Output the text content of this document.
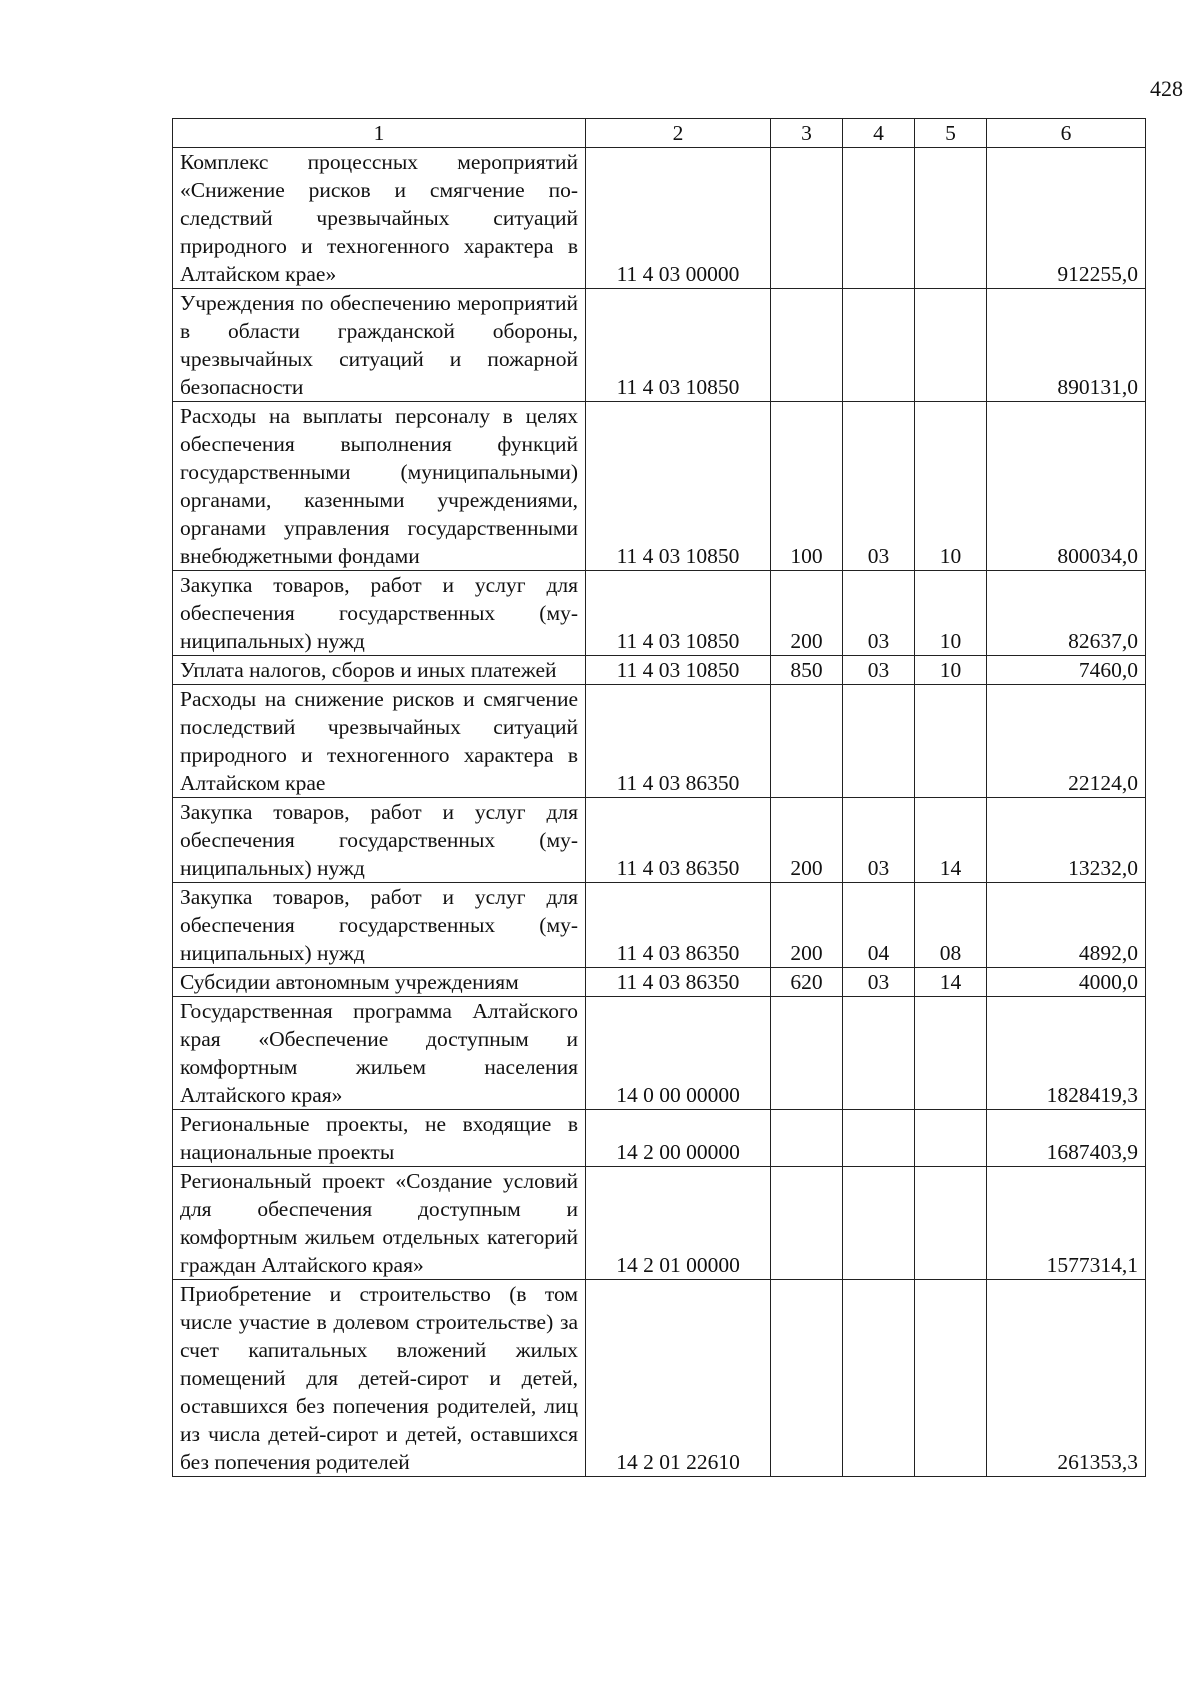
428
1	2	3	4	5	6
Комплекс процессных мероприятий «Снижение рисков и смягчение последствий чрезвычайных ситуаций природного и техногенного характера в Алтайском крае»	11 4 03 00000				912255,0
Учреждения по обеспечению мероприятий в области гражданской обороны, чрезвычайных ситуаций и пожарной безопасности	11 4 03 10850				890131,0
Расходы на выплаты персоналу в целях обеспечения выполнения функций государственными (муниципальными) органами, казенными учреждениями, органами управления государственными внебюджетными фондами	11 4 03 10850	100	03	10	800034,0
Закупка товаров, работ и услуг для обеспечения государственных (муниципальных) нужд	11 4 03 10850	200	03	10	82637,0
Уплата налогов, сборов и иных платежей	11 4 03 10850	850	03	10	7460,0
Расходы на снижение рисков и смягчение последствий чрезвычайных ситуаций природного и техногенного характера в Алтайском крае	11 4 03 86350				22124,0
Закупка товаров, работ и услуг для обеспечения государственных (муниципальных) нужд	11 4 03 86350	200	03	14	13232,0
Закупка товаров, работ и услуг для обеспечения государственных (муниципальных) нужд	11 4 03 86350	200	04	08	4892,0
Субсидии автономным учреждениям	11 4 03 86350	620	03	14	4000,0
Государственная программа Алтайского края «Обеспечение доступным и комфортным жильем населения Алтайского края»	14 0 00 00000				1828419,3
Региональные проекты, не входящие в национальные проекты	14 2 00 00000				1687403,9
Региональный проект «Создание условий для обеспечения доступным и комфортным жильем отдельных категорий граждан Алтайского края»	14 2 01 00000				1577314,1
Приобретение и строительство (в том числе участие в долевом строительстве) за счет капитальных вложений жилых помещений для детей-сирот и детей, оставшихся без попечения родителей, лиц из числа детей-сирот и детей, оставшихся без попечения родителей	14 2 01 22610				261353,3
